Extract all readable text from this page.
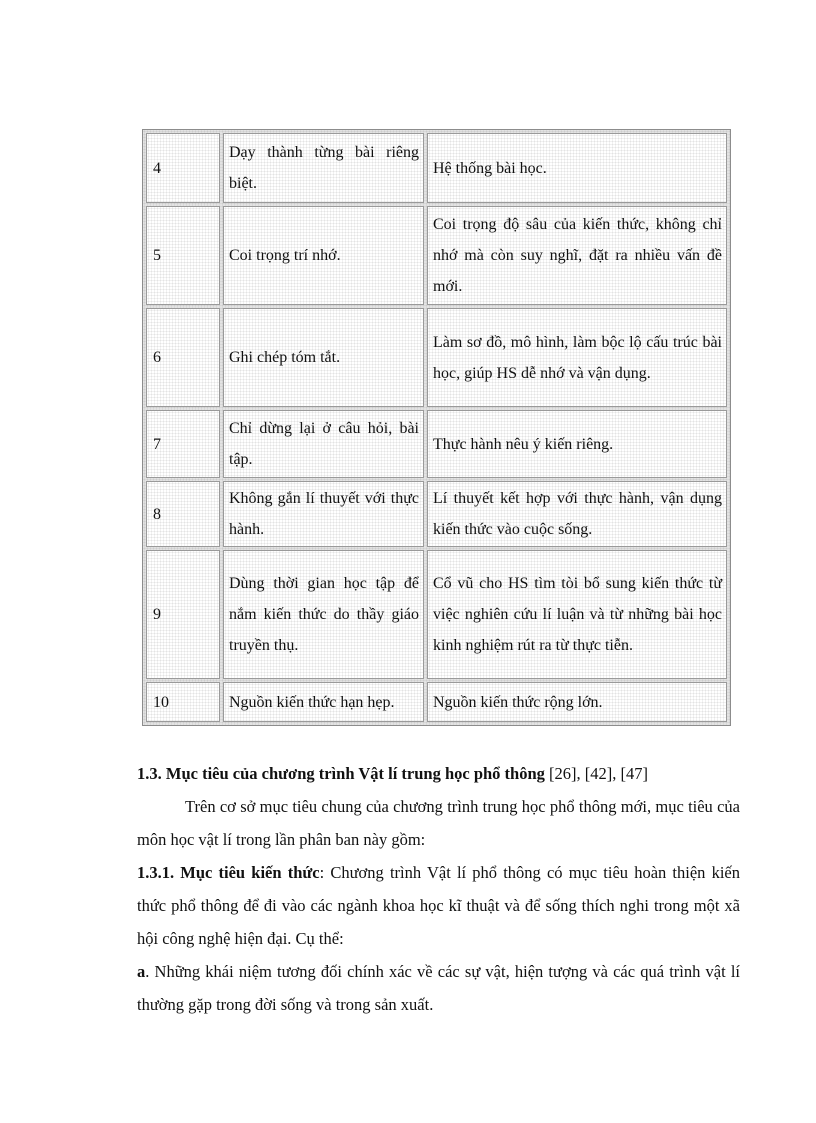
4	Dạy thành từng bài riêng biệt.	Hệ thống bài học.
5	Coi trọng trí nhớ.	Coi trọng độ sâu của kiến thức, không chỉ nhớ mà còn suy nghĩ, đặt ra nhiều vấn đề mới.
6	Ghi chép tóm tắt.	Làm sơ đồ, mô hình, làm bộc lộ cấu trúc bài học, giúp HS dễ nhớ và vận dụng.
7	Chỉ dừng lại ở câu hỏi, bài tập.	Thực hành nêu ý kiến riêng.
8	Không gắn lí thuyết với thực hành.	Lí thuyết kết hợp với thực hành, vận dụng kiến thức vào cuộc sống.
9	Dùng thời gian học tập để nắm kiến thức do thầy giáo truyền thụ.	Cổ vũ cho HS tìm tòi bổ sung kiến thức từ việc nghiên cứu lí luận và từ những bài học kinh nghiệm rút ra từ thực tiễn.
10	Nguồn kiến thức hạn hẹp.	Nguồn kiến thức rộng lớn.

1.3. Mục tiêu của chương trình Vật lí trung học phổ thông [26], [42], [47]

Trên cơ sở mục tiêu chung của chương trình trung học phổ thông mới, mục tiêu của môn học vật lí trong lần phân ban này gồm:

1.3.1. Mục tiêu kiến thức: Chương trình Vật lí phổ thông có mục tiêu hoàn thiện kiến thức phổ thông để đi vào các ngành khoa học kĩ thuật và để sống thích nghi trong một xã hội công nghệ hiện đại. Cụ thể:

a. Những khái niệm tương đối chính xác về các sự vật, hiện tượng và các quá trình vật lí thường gặp trong đời sống và trong sản xuất.
